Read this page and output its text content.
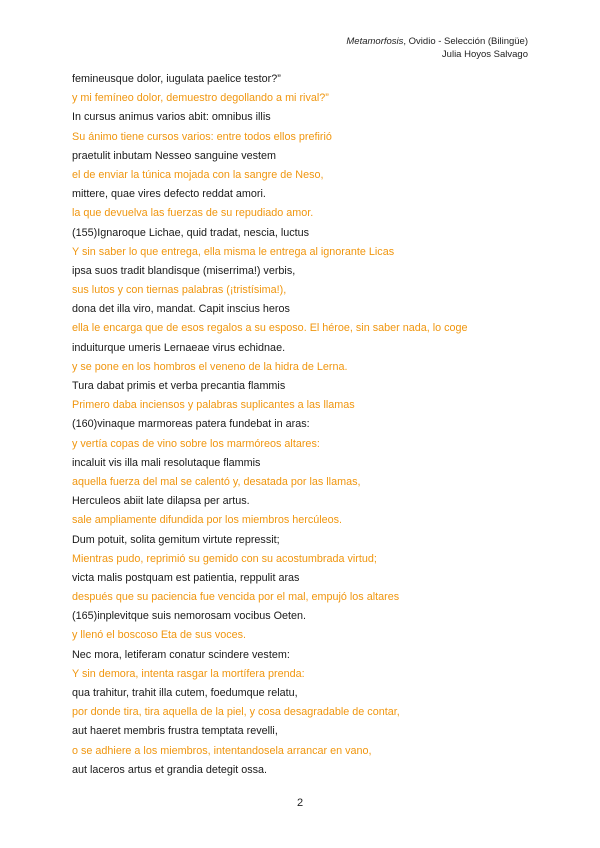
Metamorfosis, Ovidio - Selección (Bilingüe)
Julia Hoyos Salvago
femineusque dolor, iugulata paelice testor?”
y mi femíneo dolor, demuestro degollando a mi rival?”
In cursus animus varios abit: omnibus illis
Su ánimo tiene cursos varios: entre todos ellos prefirió
praetulit inbutam Nesseo sanguine vestem
el de enviar la túnica mojada con la sangre de Neso,
mittere, quae vires defecto reddat amori.
la que devuelva las fuerzas de su repudiado amor.
(155)Ignaroque Lichae, quid tradat, nescia, luctus
Y sin saber lo que entrega, ella misma le entrega al ignorante Licas
ipsa suos tradit blandisque (miserrima!) verbis,
sus lutos y con tiernas palabras (¡tristísima!),
dona det illa viro, mandat. Capit inscius heros
ella le encarga que de esos regalos a su esposo. El héroe, sin saber nada, lo coge
induiturque umeris Lernaeae virus echidnae.
y se pone en los hombros el veneno de la hidra de Lerna.
Tura dabat primis et verba precantia flammis
Primero daba inciensos y palabras suplicantes a las llamas
(160)vinaque marmoreas patera fundebat in aras:
y vertía copas de vino sobre los marmóreos altares:
incaluit vis illa mali resolutaque flammis
aquella fuerza del mal se calentó y, desatada por las llamas,
Herculeos abiit late dilapsa per artus.
sale ampliamente difundida por los miembros hercúleos.
Dum potuit, solita gemitum virtute repressit;
Mientras pudo, reprimió su gemido con su acostumbrada virtud;
victa malis postquam est patientia, reppulit aras
después que su paciencia fue vencida por el mal, empujó los altares
(165)inplevitque suis nemorosam vocibus Oeten.
y llenó el boscoso Eta de sus voces.
Nec mora, letiferam conatur scindere vestem:
Y sin demora, intenta rasgar la mortífera prenda:
qua trahitur, trahit illa cutem, foedumque relatu,
por donde tira, tira aquella de la piel, y cosa desagradable de contar,
aut haeret membris frustra temptata revelli,
o se adhiere a los miembros, intentandosela arrancar en vano,
aut laceros artus et grandia detegit ossa.
2
